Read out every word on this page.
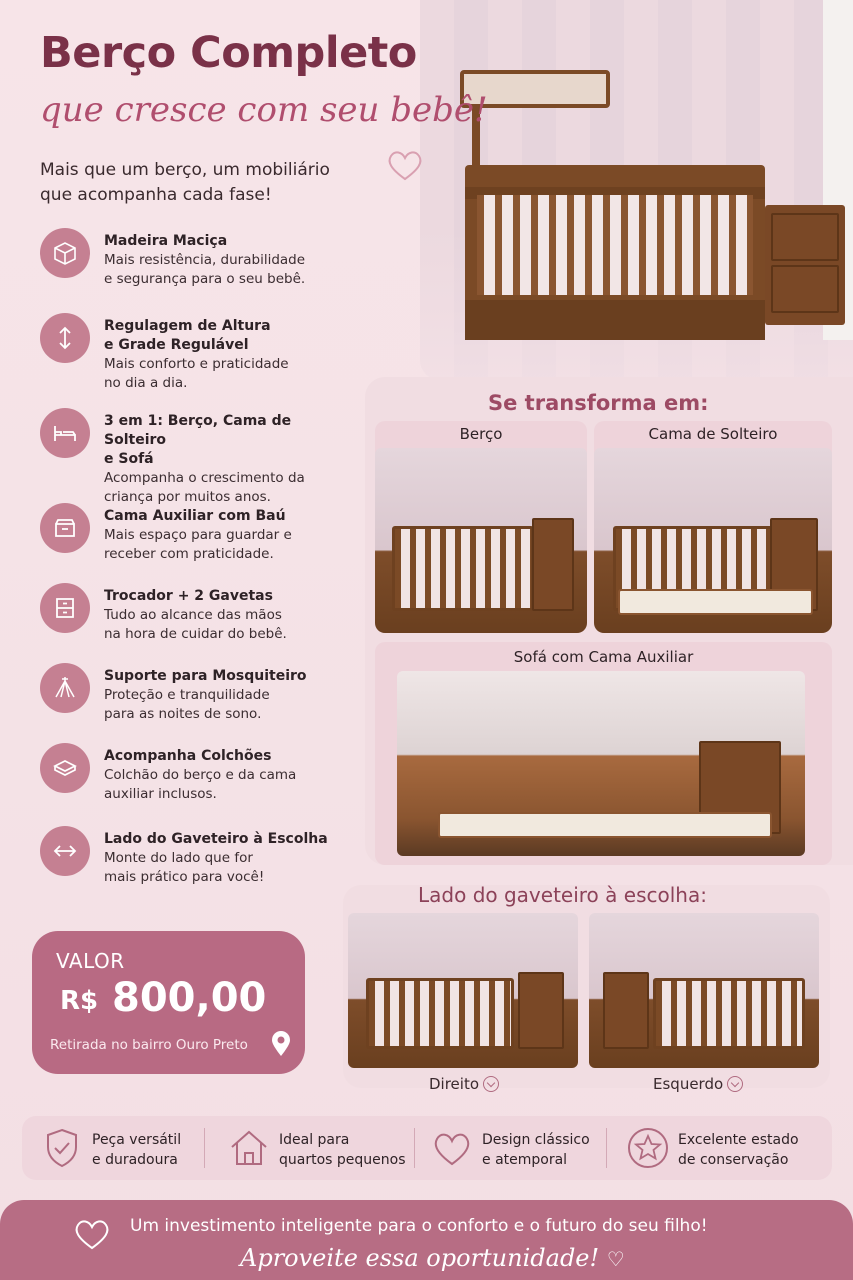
Berço Completo
que cresce com seu bebê!
Mais que um berço, um mobiliário
que acompanha cada fase!
Madeira Maciça
Mais resistência, durabilidade
e segurança para o seu bebê.
Regulagem de Altura
e Grade Regulável
Mais conforto e praticidade
no dia a dia.
3 em 1: Berço, Cama de Solteiro
e Sofá
Acompanha o crescimento da
criança por muitos anos.
Cama Auxiliar com Baú
Mais espaço para guardar e
receber com praticidade.
Trocador + 2 Gavetas
Tudo ao alcance das mãos
na hora de cuidar do bebê.
Suporte para Mosquiteiro
Proteção e tranquilidade
para as noites de sono.
Acompanha Colchões
Colchão do berço e da cama
auxiliar inclusos.
Lado do Gaveteiro à Escolha
Monte do lado que for
mais prático para você!
VALOR
R$ 800,00
Retirada no bairro Ouro Preto
Se transforma em:
Berço	Cama de Solteiro
Sofá com Cama Auxiliar
Lado do gaveteiro à escolha:
Direito	Esquerdo
Peça versátil
e duradoura
Ideal para
quartos pequenos
Design clássico
e atemporal
Excelente estado
de conservação
Um investimento inteligente para o conforto e o futuro do seu filho!
Aproveite essa oportunidade! ♡
